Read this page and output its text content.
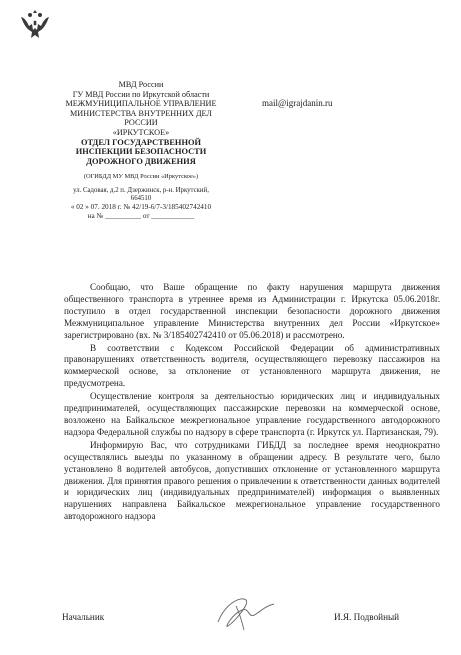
МВД России
ГУ МВД России по Иркутской области
МЕЖМУНИЦИПАЛЬНОЕ УПРАВЛЕНИЕ
МИНИСТЕРСТВА ВНУТРЕННИХ ДЕЛ
РОССИИ
«ИРКУТСКОЕ»
ОТДЕЛ ГОСУДАРСТВЕННОЙ
ИНСПЕКЦИИ БЕЗОПАСНОСТИ
ДОРОЖНОГО ДВИЖЕНИЯ
(ОГИБДД МУ МВД России «Иркутское»)
ул. Садовая, д.2 п. Дзержинск, р-н. Иркутский,
664510
« 02 » 07. 2018 г. № 42/19-6/7-3/185402742410
на № __________ от ____________
mail@igrajdanin.ru

Сообщаю, что Ваше обращение по факту нарушения маршрута движения общественного транспорта в утреннее время из Администрации г. Иркутска 05.06.2018г. поступило в отдел государственной инспекции безопасности дорожного движения Межмуниципальное управление Министерства внутренних дел России «Иркутское» зарегистрировано (вх. № 3/185402742410 от 05.06.2018) и рассмотрено.

В соответствии с Кодексом Российской Федерации об административных правонарушениях ответственность водителя, осуществляющего перевозку пассажиров на коммерческой основе, за отклонение от установленного маршрута движения, не предусмотрена.

Осуществление контроля за деятельностью юридических лиц и индивидуальных предпринимателей, осуществляющих пассажирские перевозки на коммерческой основе, возложено на Байкальское межрегиональное управление государственного автодорожного надзора Федеральной службы по надзору в сфере транспорта (г. Иркутск ул. Партизанская, 79).

Информирую Вас, что сотрудниками ГИБДД за последнее время неоднократно осуществлялись выезды по указанному в обращении адресу. В результате чего, было установлено 8 водителей автобусов, допустивших отклонение от установленного маршрута движения. Для принятия правого решения о привлечении к ответственности данных водителей и юридических лиц (индивидуальных предпринимателей) информация о выявленных нарушениях направлена Байкальское межрегиональное управление государственного автодорожного надзора

Начальник	И.Я. Подвойный
